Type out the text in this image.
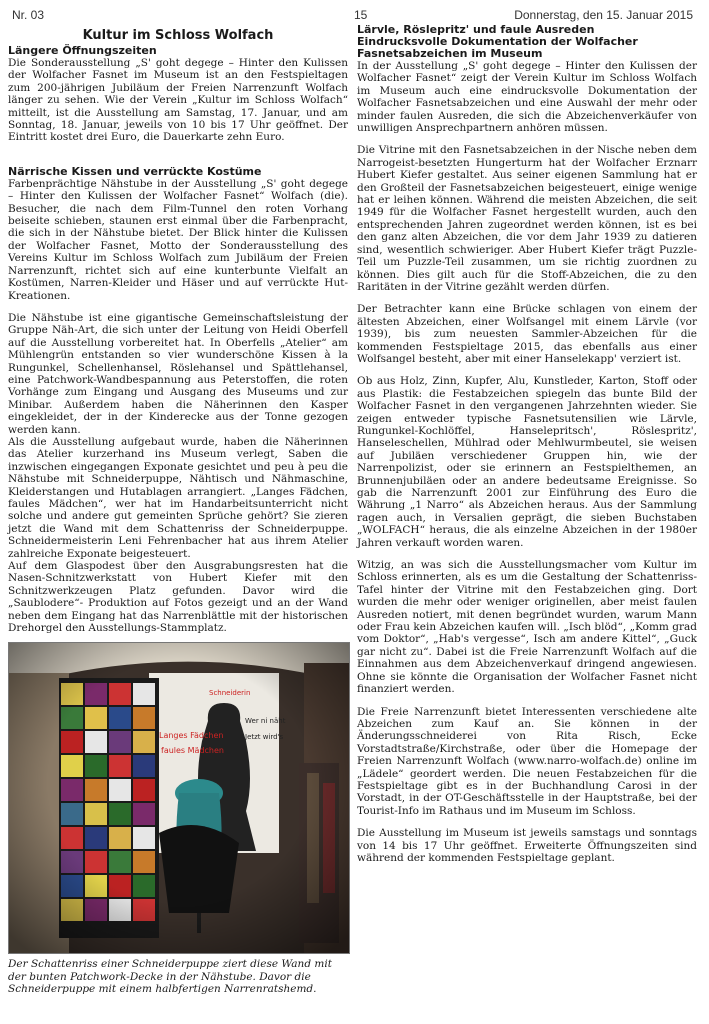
Nr. 03	15	Donnerstag, den 15. Januar 2015
Kultur im Schloss Wolfach
Längere Öffnungszeiten

Die Sonderausstellung „S' goht degege – Hinter den Kulissen der Wolfacher Fasnet im Museum ist an den Festspieltagen zum 200-jährigen Jubiläum der Freien Narrenzunft Wolfach länger zu sehen. Wie der Verein „Kultur im Schloss Wolfach“ mitteilt, ist die Ausstellung am Samstag, 17. Januar, und am Sonntag, 18. Januar, jeweils von 10 bis 17 Uhr geöffnet. Der Eintritt kostet drei Euro, die Dauerkarte zehn Euro.

Närrische Kissen und verrückte Kostüme

Farbenprächtige Nähstube in der Ausstellung „S' goht degege – Hinter den Kulissen der Wolfacher Fasnet“ Wolfach (die). Besucher, die nach dem Film-Tunnel den roten Vorhang beiseite schieben, staunen erst einmal über die Farbenpracht, die sich in der Nähstube bietet. Der Blick hinter die Kulissen der Wolfacher Fasnet, Motto der Sonderausstellung des Vereins Kultur im Schloss Wolfach zum Jubiläum der Freien Narrenzunft, richtet sich auf eine kunterbunte Vielfalt an Kostümen, Narren-Kleider und Häser und auf verrückte Hut-Kreationen.

Die Nähstube ist eine gigantische Gemeinschaftsleistung der Gruppe Näh-Art, die sich unter der Leitung von Heidi Oberfell auf die Ausstellung vorbereitet hat. In Oberfells „Atelier“ am Mühlengrün entstanden so vier wunderschöne Kissen à la Rungunkel, Schellenhansel, Röslehansel und Spättlehansel, eine Patchwork-Wandbespannung aus Peterstoffen, die roten Vorhänge zum Eingang und Ausgang des Museums und zur Minibar. Außerdem haben die Näherinnen den Kasper eingekleidet, der in der Kinderecke aus der Tonne gezogen werden kann.

Als die Ausstellung aufgebaut wurde, haben die Näherinnen das Atelier kurzerhand ins Museum verlegt, Saben die inzwischen eingegangen Exponate gesichtet und peu à peu die Nähstube mit Schneiderpuppe, Nähtisch und Nähmaschine, Kleiderstangen und Hutablagen arrangiert. „Langes Fädchen, faules Mädchen“, wer hat im Handarbeitsunterricht nicht solche und andere gut gemeinten Sprüche gehört? Sie zieren jetzt die Wand mit dem Schattenriss der Schneiderpuppe. Schneidermeisterin Leni Fehrenbacher hat aus ihrem Atelier zahlreiche Exponate beigesteuert.

Auf dem Glaspodest über den Ausgrabungsresten hat die Nasen-Schnitzwerkstatt von Hubert Kiefer mit den Schnitzwerkzeugen Platz gefunden. Davor wird die „Saublodere“- Produktion auf Fotos gezeigt und an der Wand neben dem Eingang hat das Narrenblättle mit der historischen Drehorgel den Ausstellungs-Stammplatz.

Der Schattenriss einer Schneiderpuppe ziert diese Wand mit der bunten Patchwork-Decke in der Nähstube. Davor die Schneiderpuppe mit einem halbfertigen Narrenratshemd.
Lärvle, Röslepritz' und faule Ausreden
Eindrucksvolle Dokumentation der Wolfacher Fasnetsabzeichen im Museum

In der Ausstellung „S' goht degege – Hinter den Kulissen der Wolfacher Fasnet“ zeigt der Verein Kultur im Schloss Wolfach im Museum auch eine eindrucksvolle Dokumentation der Wolfacher Fasnetsabzeichen und eine Auswahl der mehr oder minder faulen Ausreden, die sich die Abzeichenverkäufer von unwilligen Ansprechpartnern anhören müssen.

Die Vitrine mit den Fasnetsabzeichen in der Nische neben dem Narrogeist-besetzten Hungerturm hat der Wolfacher Erznarr Hubert Kiefer gestaltet. Aus seiner eigenen Sammlung hat er den Großteil der Fasnetsabzeichen beigesteuert, einige wenige hat er leihen können. Während die meisten Abzeichen, die seit 1949 für die Wolfacher Fasnet hergestellt wurden, auch den entsprechenden Jahren zugeordnet werden können, ist es bei den ganz alten Abzeichen, die vor dem Jahr 1939 zu datieren sind, wesentlich schwieriger. Aber Hubert Kiefer trägt Puzzle-Teil um Puzzle-Teil zusammen, um sie richtig zuordnen zu können. Dies gilt auch für die Stoff-Abzeichen, die zu den Raritäten in der Vitrine gezählt werden dürfen.

Der Betrachter kann eine Brücke schlagen von einem der ältesten Abzeichen, einer Wolfsangel mit einem Lärvle (vor 1939), bis zum neuesten Sammler-Abzeichen für die kommenden Festspieltage 2015, das ebenfalls aus einer Wolfsangel besteht, aber mit einer Hanselekapp' verziert ist.

Ob aus Holz, Zinn, Kupfer, Alu, Kunstleder, Karton, Stoff oder aus Plastik: die Festabzeichen spiegeln das bunte Bild der Wolfacher Fasnet in den vergangenen Jahrzehnten wieder. Sie zeigen entweder typische Fasnetsutensilien wie Lärvle, Rungunkel-Kochlöffel, Hanselepritsch', Röslespritz', Hanseleschellen, Mühlrad oder Mehlwurmbeutel, sie weisen auf Jubiläen verschiedener Gruppen hin, wie der Narrenpolizist, oder sie erinnern an Festspielthemen, an Brunnenjubiläen oder an andere bedeutsame Ereignisse. So gab die Narrenzunft 2001 zur Einführung des Euro die Währung „1 Narro“ als Abzeichen heraus. Aus der Sammlung ragen auch, in Versalien geprägt, die sieben Buchstaben „WOLFACH“ heraus, die als einzelne Abzeichen in der 1980er Jahren verkauft worden waren.

Witzig, an was sich die Ausstellungsmacher vom Kultur im Schloss erinnerten, als es um die Gestaltung der Schattenriss-Tafel hinter der Vitrine mit den Festabzeichen ging. Dort wurden die mehr oder weniger originellen, aber meist faulen Ausreden notiert, mit denen begründet wurden, warum Mann oder Frau kein Abzeichen kaufen will. „Isch blöd“, „Komm grad vom Doktor“, „Hab's vergesse“, Isch am andere Kittel“, „Guck gar nicht zu“. Dabei ist die Freie Narrenzunft Wolfach auf die Einnahmen aus dem Abzeichenverkauf dringend angewiesen. Ohne sie könnte die Organisation der Wolfacher Fasnet nicht finanziert werden.

Die Freie Narrenzunft bietet Interessenten verschiedene alte Abzeichen zum Kauf an. Sie können in der Änderungsschneiderei von Rita Risch, Ecke Vorstadtstraße/Kirchstraße, oder über die Homepage der Freien Narrenzunft Wolfach (www.narro-wolfach.de) online im „Lädele“ geordert werden. Die neuen Festabzeichen für die Festspieltage gibt es in der Buchhandlung Carosi in der Vorstadt, in der OT-Geschäftsstelle in der Hauptstraße, bei der Tourist-Info im Rathaus und im Museum im Schloss.

Die Ausstellung im Museum ist jeweils samstags und sonntags von 14 bis 17 Uhr geöffnet. Erweiterte Öffnungszeiten sind während der kommenden Festspieltage geplant.
